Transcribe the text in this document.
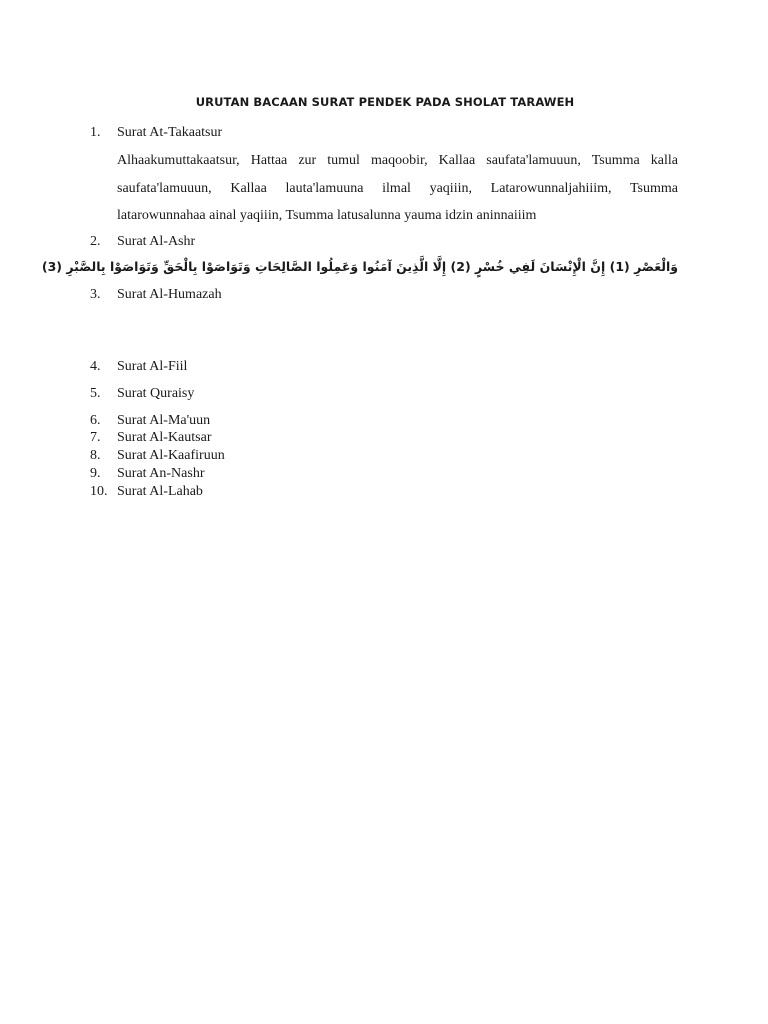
URUTAN BACAAN SURAT PENDEK PADA SHOLAT TARAWEH
1.	Surat At-Takaatsur
Alhaakumuttakaatsur, Hattaa zur tumul maqoobir, Kallaa saufata'lamuuun, Tsumma kalla
saufata'lamuuun, Kallaa lauta'lamuuna ilmal yaqiiin, Latarowunnaljahiiim, Tsumma
latarowunnahaa ainal yaqiiin, Tsumma latusalunna yauma idzin aninnaiiim
2.	Surat Al-Ashr
وَالْعَصْرِ (1) إِنَّ الْإِنْسَانَ لَفِي خُسْرٍ (2) إِلَّا الَّذِينَ آمَنُوا وَعَمِلُوا الصَّالِحَاتِ وَتَوَاصَوْا بِالْحَقِّ وَتَوَاصَوْا بِالصَّبْرِ (3)
3.	Surat Al-Humazah
4.	Surat Al-Fiil
5.	Surat Quraisy
6.	Surat Al-Ma'uun
7.	Surat Al-Kautsar
8.	Surat Al-Kaafiruun
9.	Surat An-Nashr
10. Surat Al-Lahab
